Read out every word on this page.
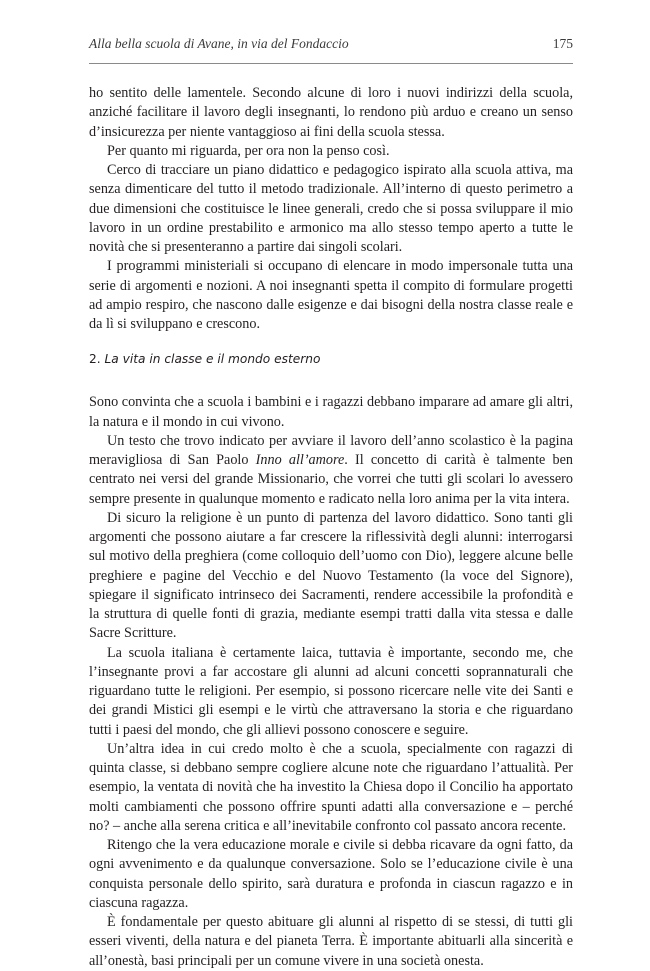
Alla bella scuola di Avane, in via del Fondaccio	175

ho sentito delle lamentele. Secondo alcune di loro i nuovi indirizzi della scuola, anziché facilitare il lavoro degli insegnanti, lo rendono più arduo e creano un senso d’insicurezza per niente vantaggioso ai fini della scuola stessa.

Per quanto mi riguarda, per ora non la penso così.

Cerco di tracciare un piano didattico e pedagogico ispirato alla scuola attiva, ma senza dimenticare del tutto il metodo tradizionale. All’interno di questo perimetro a due dimensioni che costituisce le linee generali, credo che si possa sviluppare il mio lavoro in un ordine prestabilito e armonico ma allo stesso tempo aperto a tutte le novità che si presenteranno a partire dai singoli scolari.

I programmi ministeriali si occupano di elencare in modo impersonale tutta una serie di argomenti e nozioni. A noi insegnanti spetta il compito di formulare progetti ad ampio respiro, che nascono dalle esigenze e dai bisogni della nostra classe reale e da lì si sviluppano e crescono.

2. La vita in classe e il mondo esterno

Sono convinta che a scuola i bambini e i ragazzi debbano imparare ad amare gli altri, la natura e il mondo in cui vivono.

Un testo che trovo indicato per avviare il lavoro dell’anno scolastico è la pagina meravigliosa di San Paolo Inno all’amore. Il concetto di carità è talmente ben centrato nei versi del grande Missionario, che vorrei che tutti gli scolari lo avessero sempre presente in qualunque momento e radicato nella loro anima per la vita intera.

Di sicuro la religione è un punto di partenza del lavoro didattico. Sono tanti gli argomenti che possono aiutare a far crescere la riflessività degli alunni: interrogarsi sul motivo della preghiera (come colloquio dell’uomo con Dio), leggere alcune belle preghiere e pagine del Vecchio e del Nuovo Testamento (la voce del Signore), spiegare il significato intrinseco dei Sacramenti, rendere accessibile la profondità e la struttura di quelle fonti di grazia, mediante esempi tratti dalla vita stessa e dalle Sacre Scritture.

La scuola italiana è certamente laica, tuttavia è importante, secondo me, che l’insegnante provi a far accostare gli alunni ad alcuni concetti soprannaturali che riguardano tutte le religioni. Per esempio, si possono ricercare nelle vite dei Santi e dei grandi Mistici gli esempi e le virtù che attraversano la storia e che riguardano tutti i paesi del mondo, che gli allievi possono conoscere e seguire.

Un’altra idea in cui credo molto è che a scuola, specialmente con ragazzi di quinta classe, si debbano sempre cogliere alcune note che riguardano l’attualità. Per esempio, la ventata di novità che ha investito la Chiesa dopo il Concilio ha apportato molti cambiamenti che possono offrire spunti adatti alla conversazione e – perché no? – anche alla serena critica e all’inevitabile confronto col passato ancora recente.

Ritengo che la vera educazione morale e civile si debba ricavare da ogni fatto, da ogni avvenimento e da qualunque conversazione. Solo se l’educazione civile è una conquista personale dello spirito, sarà duratura e profonda in ciascun ragazzo e in ciascuna ragazza.

È fondamentale per questo abituare gli alunni al rispetto di se stessi, di tutti gli esseri viventi, della natura e del pianeta Terra. È importante abituarli alla sincerità e all’onestà, basi principali per un comune vivere in una società onesta.
